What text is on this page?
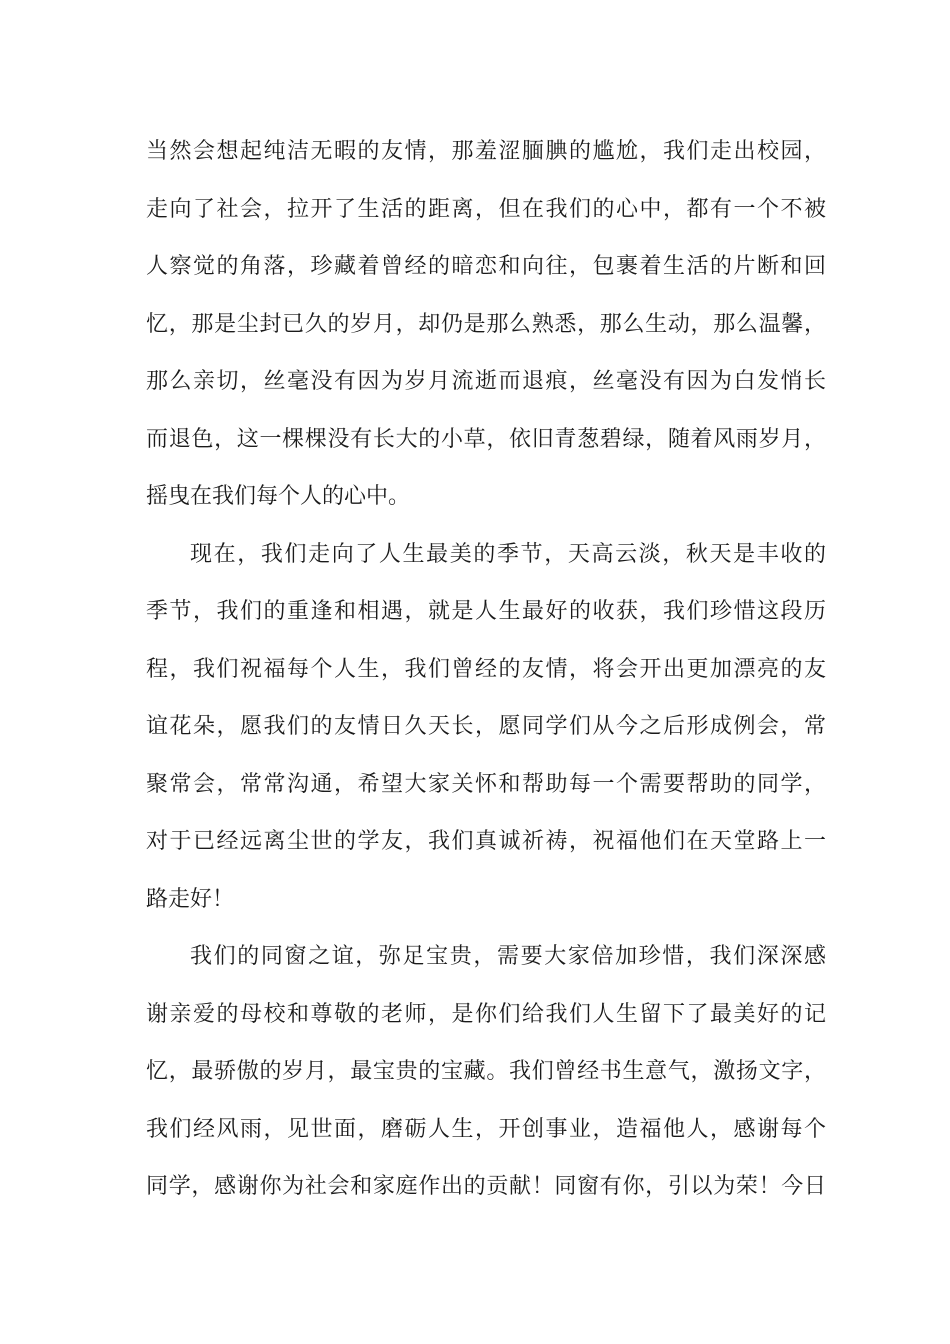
当然会想起纯洁无暇的友情，那羞涩腼腆的尴尬，我们走出校园，
走向了社会，拉开了生活的距离，但在我们的心中，都有一个不被
人察觉的角落，珍藏着曾经的暗恋和向往，包裹着生活的片断和回
忆，那是尘封已久的岁月，却仍是那么熟悉，那么生动，那么温馨，
那么亲切，丝毫没有因为岁月流逝而退痕，丝毫没有因为白发悄长
而退色，这一棵棵没有长大的小草，依旧青葱碧绿，随着风雨岁月，
摇曳在我们每个人的心中。
现在，我们走向了人生最美的季节，天高云淡，秋天是丰收的
季节，我们的重逢和相遇，就是人生最好的收获，我们珍惜这段历
程，我们祝福每个人生，我们曾经的友情，将会开出更加漂亮的友
谊花朵，愿我们的友情日久天长，愿同学们从今之后形成例会，常
聚常会，常常沟通，希望大家关怀和帮助每一个需要帮助的同学，
对于已经远离尘世的学友，我们真诚祈祷，祝福他们在天堂路上一
路走好！
我们的同窗之谊，弥足宝贵，需要大家倍加珍惜，我们深深感
谢亲爱的母校和尊敬的老师，是你们给我们人生留下了最美好的记
忆，最骄傲的岁月，最宝贵的宝藏。我们曾经书生意气，激扬文字，
我们经风雨，见世面，磨砺人生，开创事业，造福他人，感谢每个
同学，感谢你为社会和家庭作出的贡献！同窗有你，引以为荣！今日
